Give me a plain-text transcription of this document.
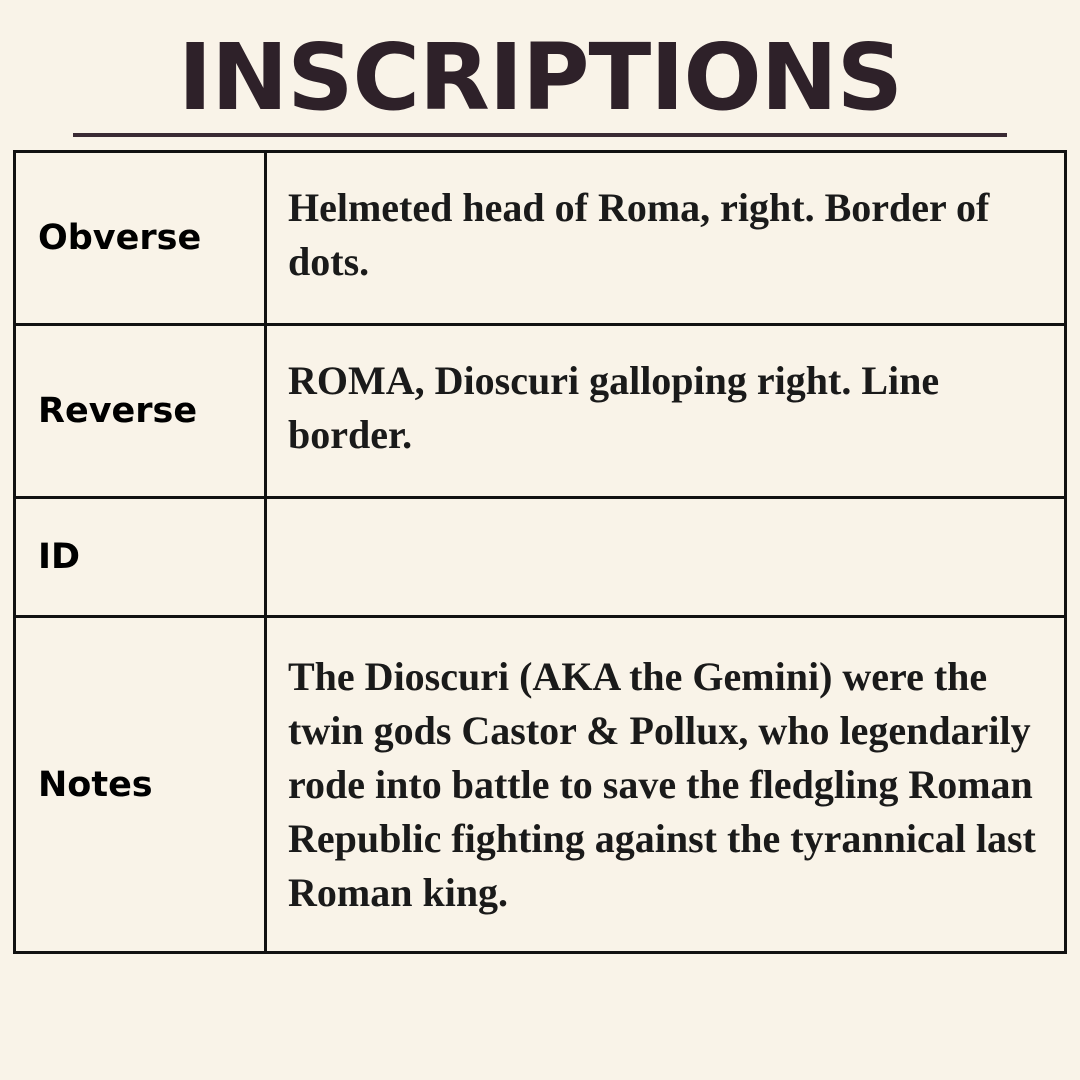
INSCRIPTIONS
Obverse	Helmeted head of Roma, right. Border of dots.
Reverse	ROMA, Dioscuri galloping right. Line border.
ID	
Notes	The Dioscuri (AKA the Gemini) were the twin gods Castor & Pollux, who legendarily rode into battle to save the fledgling Roman Republic fighting against the tyrannical last Roman king.
